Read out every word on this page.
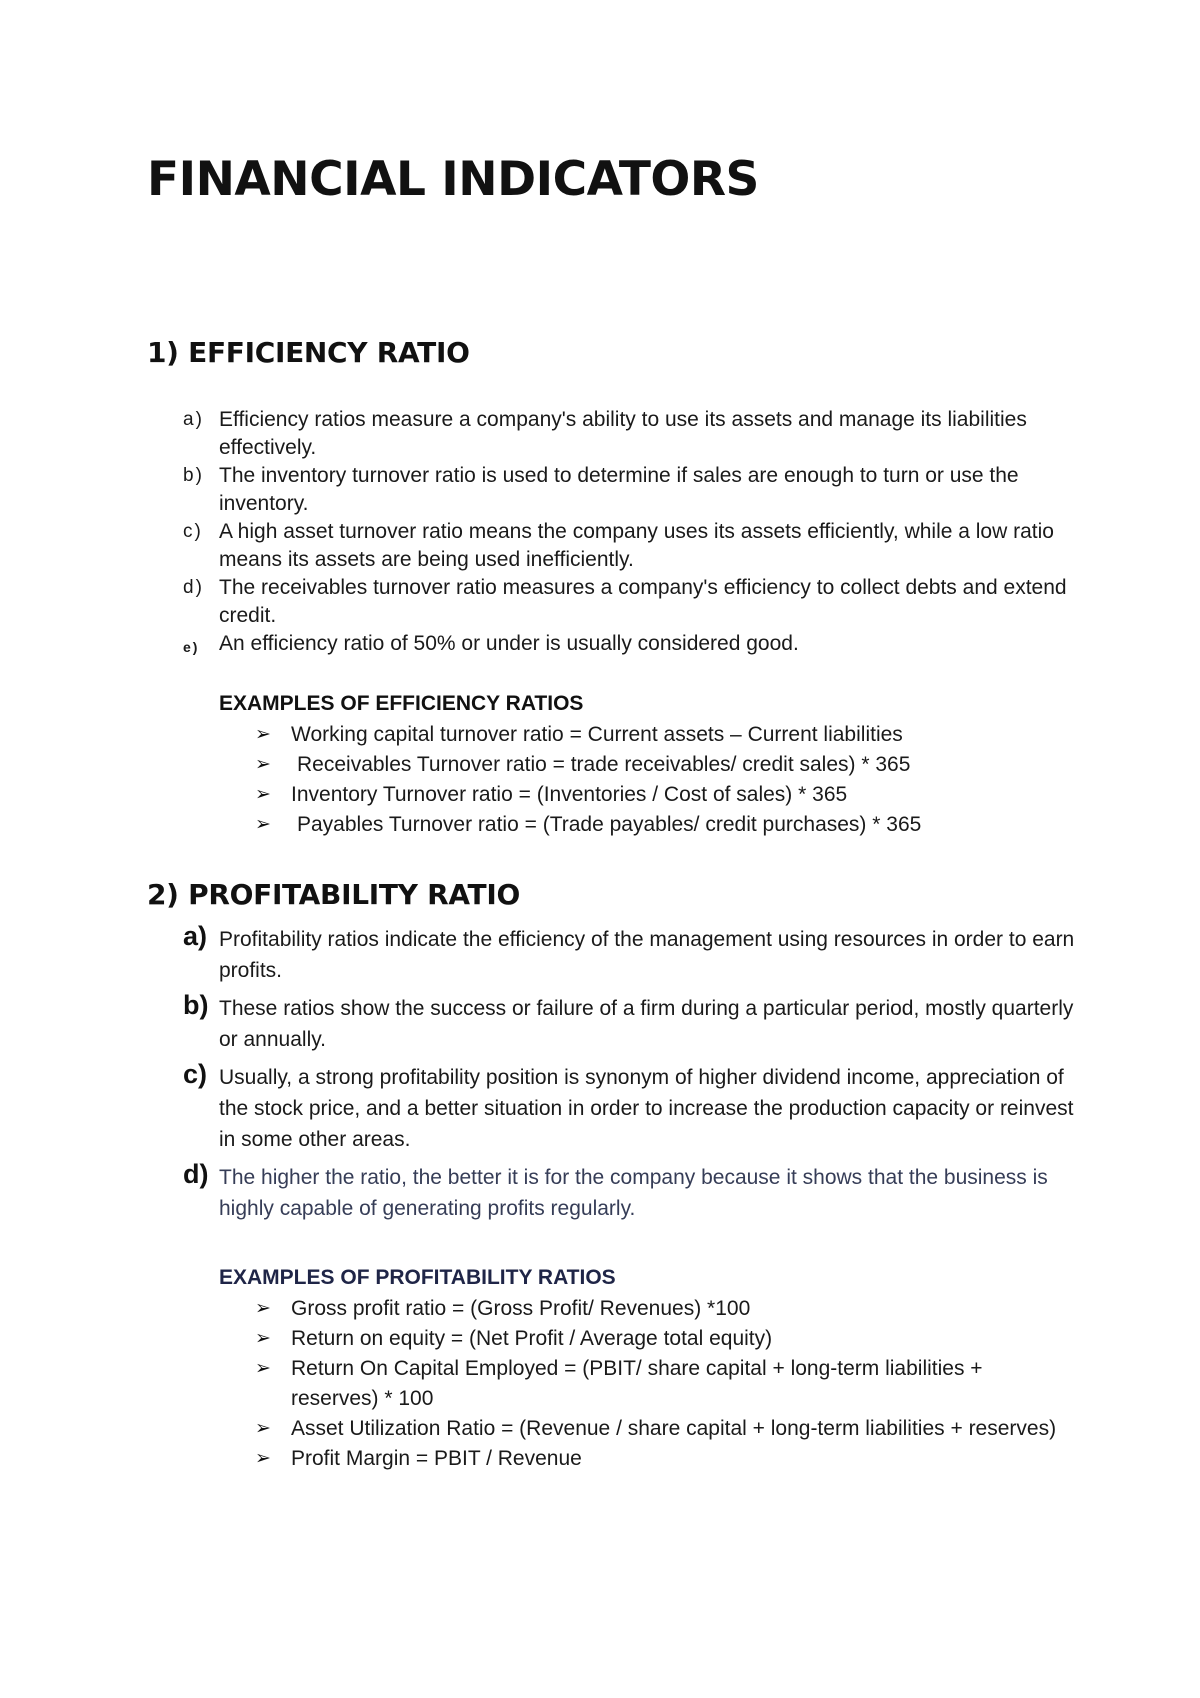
FINANCIAL INDICATORS
1) EFFICIENCY RATIO
a) Efficiency ratios measure a company's ability to use its assets and manage its liabilities effectively.
b) The inventory turnover ratio is used to determine if sales are enough to turn or use the inventory.
c) A high asset turnover ratio means the company uses its assets efficiently, while a low ratio means its assets are being used inefficiently.
d) The receivables turnover ratio measures a company's efficiency to collect debts and extend credit.
e) An efficiency ratio of 50% or under is usually considered good.
EXAMPLES OF EFFICIENCY RATIOS
➢ Working capital turnover ratio = Current assets – Current liabilities
➢ Receivables Turnover ratio = trade receivables/ credit sales) * 365
➢ Inventory Turnover ratio = (Inventories / Cost of sales) * 365
➢ Payables Turnover ratio = (Trade payables/ credit purchases) * 365
2) PROFITABILITY RATIO
a) Profitability ratios indicate the efficiency of the management using resources in order to earn profits.
b) These ratios show the success or failure of a firm during a particular period, mostly quarterly or annually.
c) Usually, a strong profitability position is synonym of higher dividend income, appreciation of the stock price, and a better situation in order to increase the production capacity or reinvest in some other areas.
d) The higher the ratio, the better it is for the company because it shows that the business is highly capable of generating profits regularly.
EXAMPLES OF PROFITABILITY RATIOS
➢ Gross profit ratio = (Gross Profit/ Revenues) *100
➢ Return on equity = (Net Profit / Average total equity)
➢ Return On Capital Employed = (PBIT/ share capital + long-term liabilities + reserves) * 100
➢ Asset Utilization Ratio = (Revenue / share capital + long-term liabilities + reserves)
➢ Profit Margin = PBIT / Revenue
